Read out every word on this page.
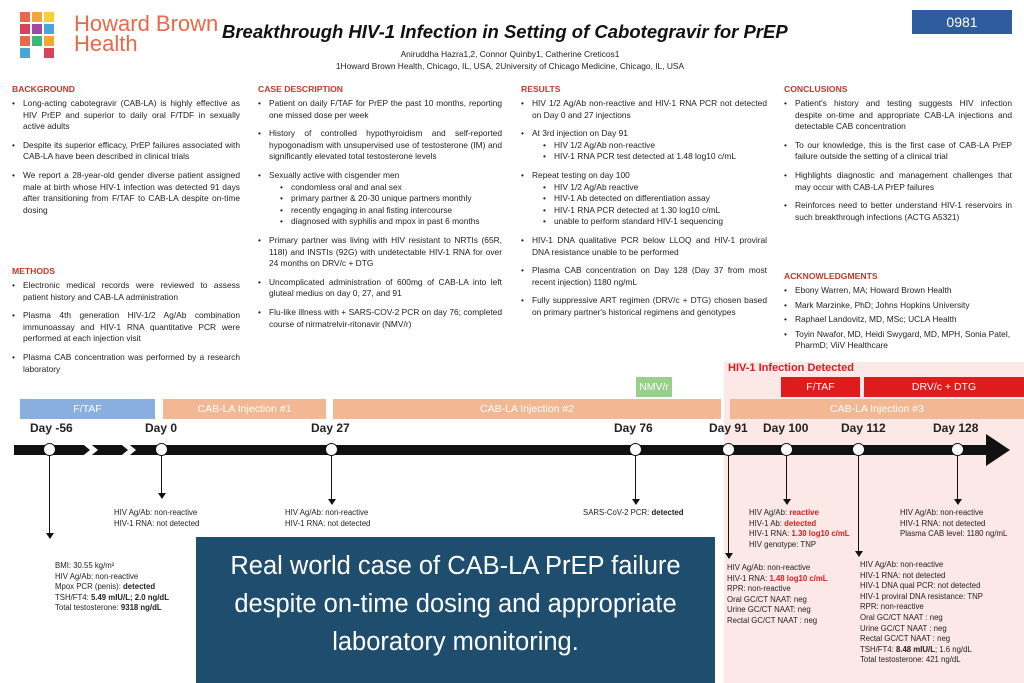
Howard Brown
Health	Breakthrough HIV-1 Infection in Setting of Cabotegravir for PrEP
Aniruddha Hazra1,2, Connor Quinby1, Catherine Creticos1
1Howard Brown Health, Chicago, IL, USA, 2University of Chicago Medicine, Chicago, IL, USA
0981
BACKGROUND
• Long-acting cabotegravir (CAB-LA) is highly effective as HIV PrEP and superior to daily oral F/TDF in sexually active adults
• Despite its superior efficacy, PrEP failures associated with CAB-LA have been described in clinical trials
• We report a 28-year-old gender diverse patient assigned male at birth whose HIV-1 infection was detected 91 days after transitioning from F/TAF to CAB-LA despite on-time dosing
METHODS
• Electronic medical records were reviewed to assess patient history and CAB-LA administration
• Plasma 4th generation HIV-1/2 Ag/Ab combination immunoassay and HIV-1 RNA quantitative PCR were performed at each injection visit
• Plasma CAB concentration was performed by a research laboratory
CASE DESCRIPTION
• Patient on daily F/TAF for PrEP the past 10 months, reporting one missed dose per week
• History of controlled hypothyroidism and self-reported hypogonadism with unsupervised use of testosterone (IM) and significantly elevated total testosterone levels
• Sexually active with cisgender men
• condomless oral and anal sex
• primary partner & 20-30 unique partners monthly
• recently engaging in anal fisting intercourse
• diagnosed with syphilis and mpox in past 6 months
• Primary partner was living with HIV resistant to NRTIs (65R, 118I) and INSTIs (92G) with undetectable HIV-1 RNA for over 24 months on DRV/c + DTG
• Uncomplicated administration of 600mg of CAB-LA into left gluteal medius on day 0, 27, and 91
• Flu-like illness with + SARS-COV-2 PCR on day 76; completed course of nirmatrelvir-ritonavir (NMV/r)
RESULTS
• HIV 1/2 Ag/Ab non-reactive and HIV-1 RNA PCR not detected on Day 0 and 27 injections
• At 3rd injection on Day 91
• HIV 1/2 Ag/Ab non-reactive
• HIV-1 RNA PCR test detected at 1.48 log10 c/mL
• Repeat testing on day 100
• HIV 1/2 Ag/Ab reactive
• HIV-1 Ab detected on differentiation assay
• HIV-1 RNA PCR detected at 1.30 log10 c/mL
• unable to perform standard HIV-1 sequencing
• HIV-1 DNA qualitative PCR below LLOQ and HIV-1 proviral DNA resistance unable to be performed
• Plasma CAB concentration on Day 128 (Day 37 from most recent injection) 1180 ng/mL
• Fully suppressive ART regimen (DRV/c + DTG) chosen based on primary partner's historical regimens and genotypes
CONCLUSIONS
• Patient's history and testing suggests HIV infection despite on-time and appropriate CAB-LA injections and detectable CAB concentration
• To our knowledge, this is the first case of CAB-LA PrEP failure outside the setting of a clinical trial
• Highlights diagnostic and management challenges that may occur with CAB-LA PrEP failures
• Reinforces need to better understand HIV-1 reservoirs in such breakthrough infections (ACTG A5321)
ACKNOWLEDGMENTS
• Ebony Warren, MA; Howard Brown Health
• Mark Marzinke, PhD; Johns Hopkins University
• Raphael Landovitz, MD, MSc; UCLA Health
• Toyin Nwafor, MD, Heidi Swygard, MD, MPH, Sonia Patel, PharmD; ViiV Healthcare
HIV-1 Infection Detected
F/TAF
NMV/r	F/TAF	DRV/c + DTG
CAB-LA Injection #1	CAB-LA Injection #2	CAB-LA Injection #3
Day -56	Day 0	Day 27	Day 76	Day 91 Day 100	Day 112	Day 128
BMI: 30.55 kg/m²
HIV Ag/Ab: non-reactive
Mpox PCR (penis): detected
TSH/FT4: 5.49 mIU/L; 2.0 ng/dL
Total testosterone: 9318 ng/dL
HIV Ag/Ab: non-reactive
HIV-1 RNA: not detected
HIV Ag/Ab: non-reactive
HIV-1 RNA: not detected
SARS-CoV-2 PCR: detected	HIV Ag/Ab: reactive
HIV-1 Ab: detected
HIV-1 RNA: 1.30 log10 c/mL
HIV genotype: TNP
HIV Ag/Ab: non-reactive
HIV-1 RNA: 1.48 log10 c/mL
RPR: non-reactive
Oral GC/CT NAAT: neg
Urine GC/CT NAAT: neg
Rectal GC/CT NAAT : neg
HIV Ag/Ab: non-reactive
HIV-1 RNA: not detected
HIV-1 DNA qual PCR: not detected
HIV-1 proviral DNA resistance: TNP
RPR: non-reactive
Oral GC/CT NAAT : neg
Urine GC/CT NAAT : neg
Rectal GC/CT NAAT : neg
TSH/FT4: 8.48 mIU/L; 1.6 ng/dL
Total testosterone: 421 ng/dL
HIV Ag/Ab: non-reactive
HIV-1 RNA: not detected
Plasma CAB level: 1180 ng/mL
Real world case of CAB-LA PrEP failure despite on-time dosing and appropriate laboratory monitoring.
